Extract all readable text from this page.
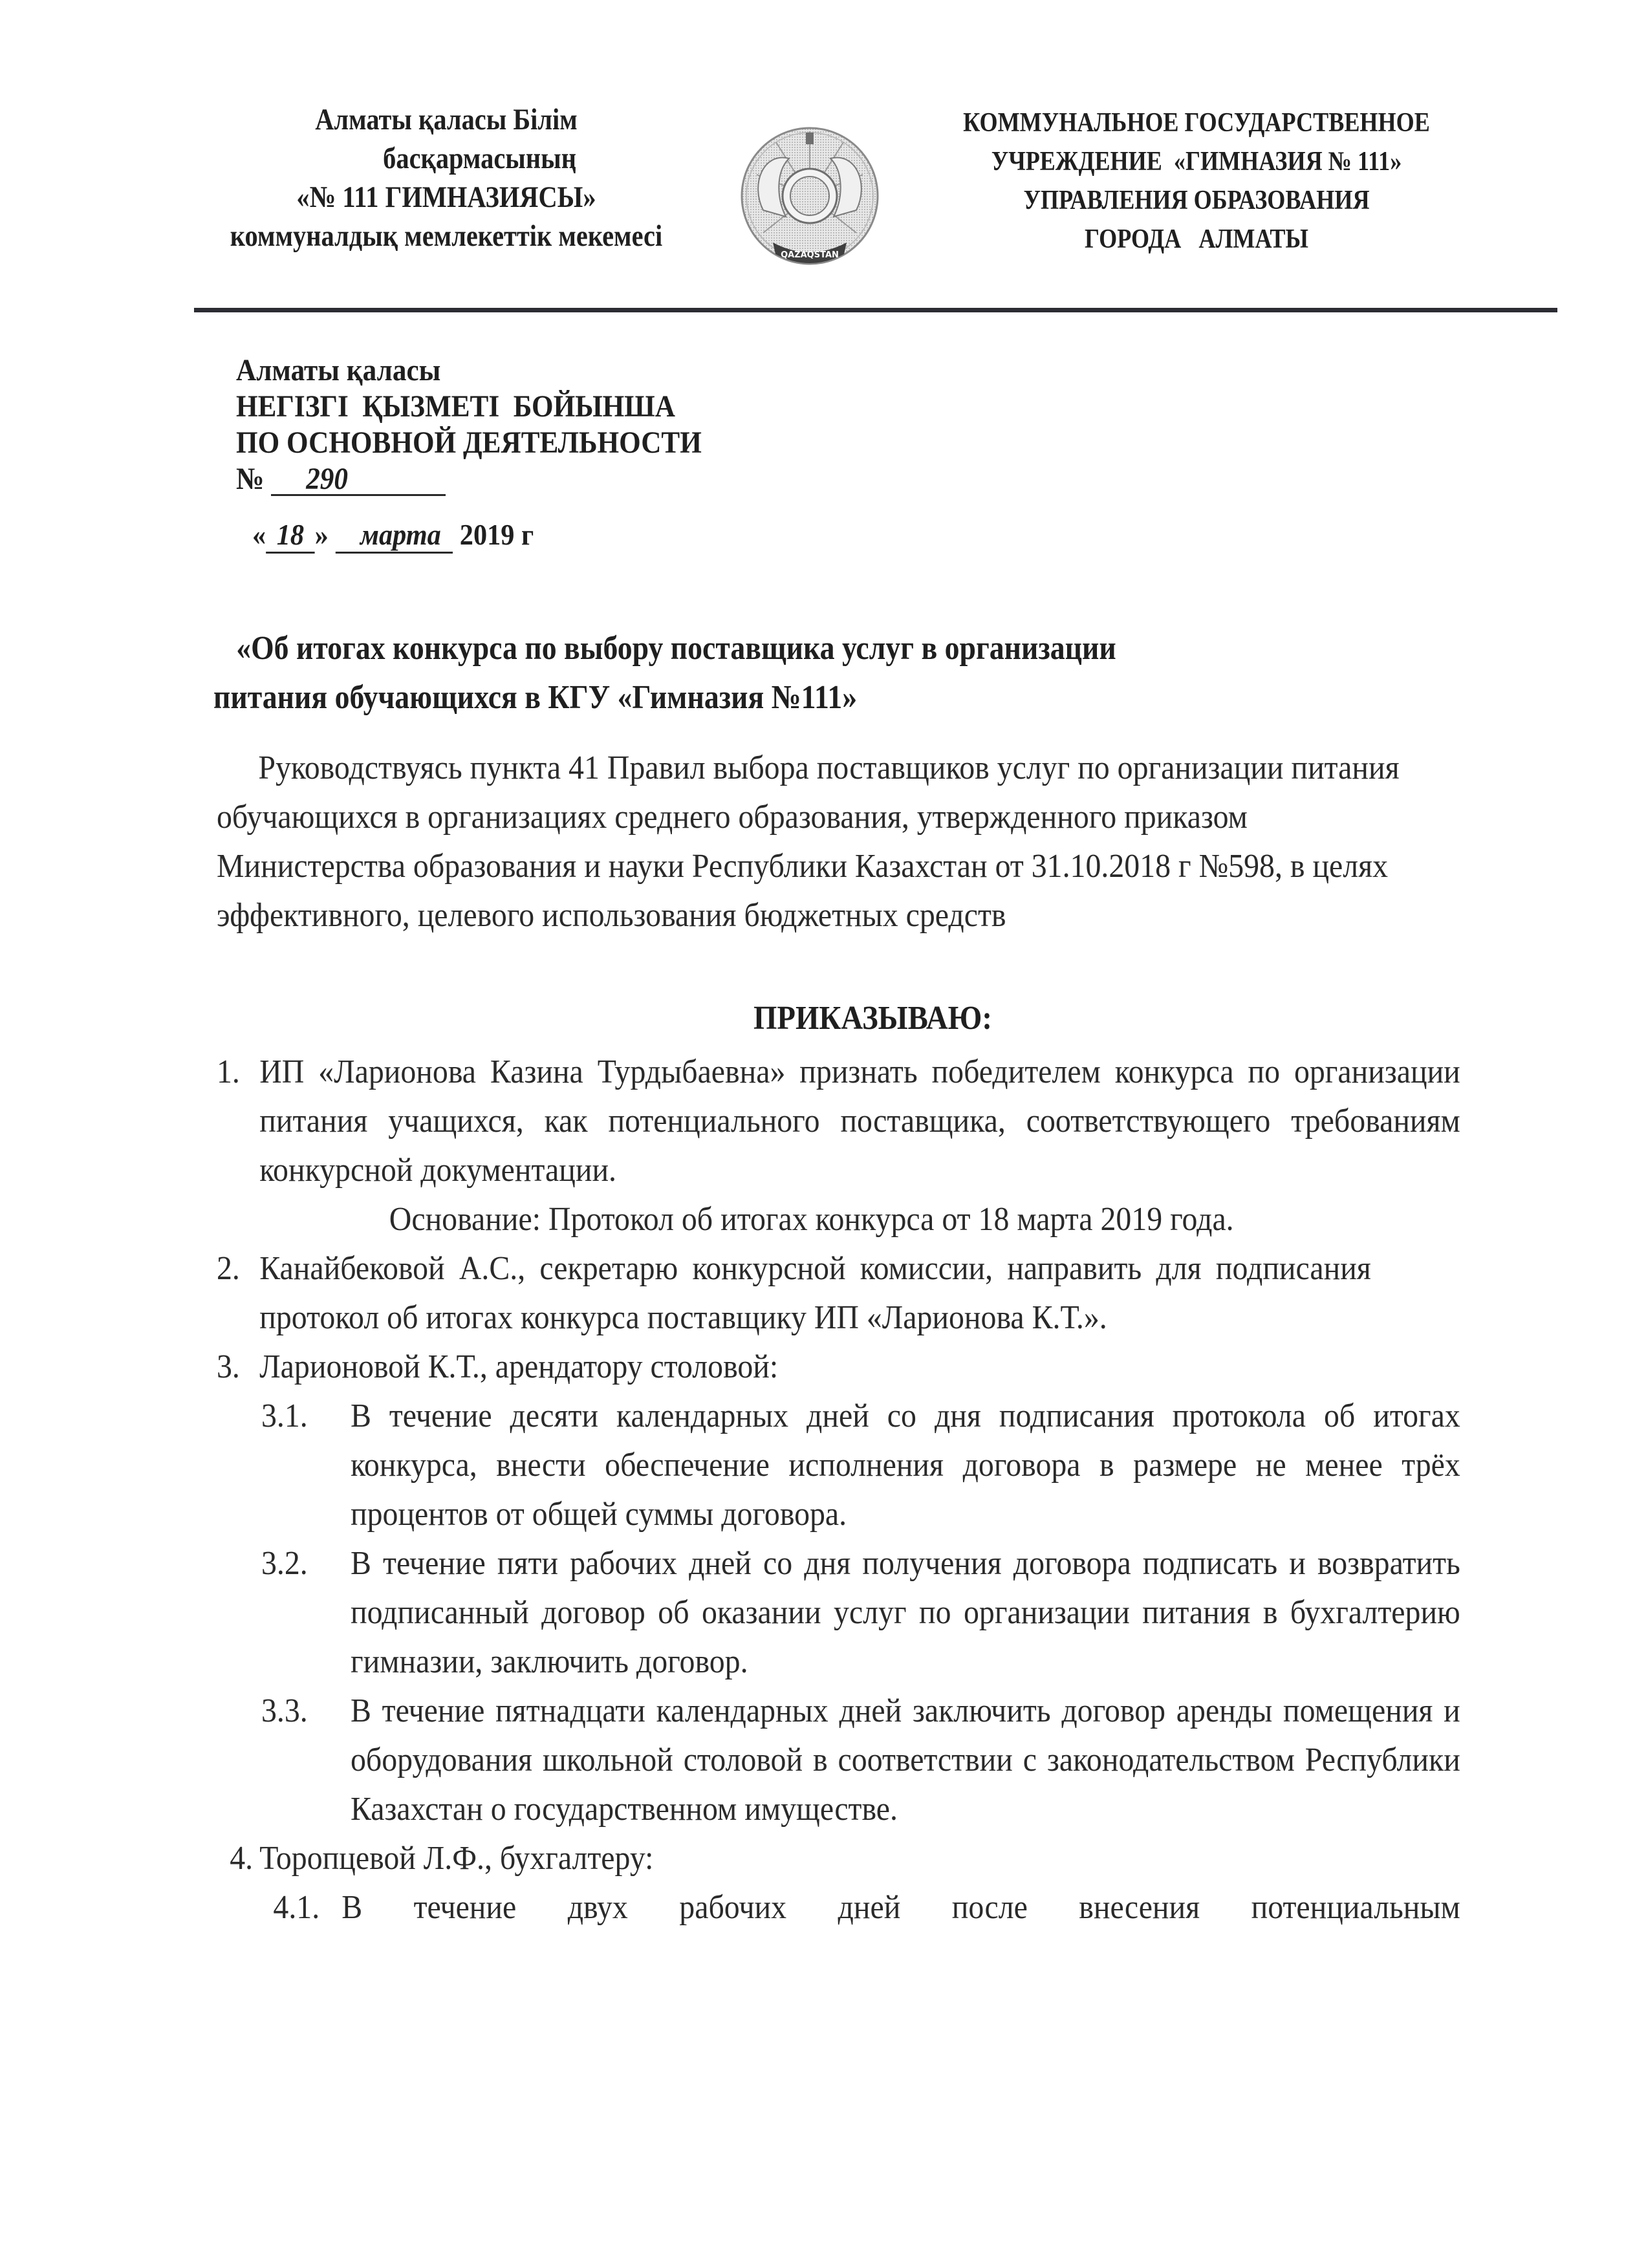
Алматы қаласы Білім
басқармасының
«№ 111 ГИМНАЗИЯСЫ»
коммуналдық мемлекеттік мекемесі
QAZAQSTAN
КОММУНАЛЬНОЕ ГОСУДАРСТВЕННОЕ
УЧРЕЖДЕНИЕ  «ГИМНАЗИЯ № 111»
УПРАВЛЕНИЯ ОБРАЗОВАНИЯ
ГОРОДА   АЛМАТЫ
Алматы қаласы
НЕГІЗГІ  ҚЫЗМЕТІ  БОЙЫНША
ПО ОСНОВНОЙ ДЕЯТЕЛЬНОСТИ
№ 290
« 18 » марта 2019 г
«Об итогах конкурса по выбору поставщика услуг в организации
питания обучающихся в КГУ «Гимназия №111»

Руководствуясь пункта 41 Правил выбора поставщиков услуг по организации питания обучающихся в организациях среднего образования, утвержденного приказом Министерства образования и науки Республики Казахстан от 31.10.2018 г №598, в целях эффективного, целевого использования бюджетных средств

ПРИКАЗЫВАЮ:
1. ИП «Ларионова Казина Турдыбаевна» признать победителем конкурса по организации питания учащихся, как потенциального поставщика, соответствующего требованиям конкурсной документации.

Основание: Протокол об итогах конкурса от 18 марта 2019 года.

2. Канайбековой А.С., секретарю конкурсной комиссии, направить для подписания протокол об итогах конкурса поставщику ИП «Ларионова К.Т.».
3. Ларионовой К.Т., арендатору столовой:
3.1.	В течение десяти календарных дней со дня подписания протокола об итогах конкурса, внести обеспечение исполнения договора в размере не менее трёх процентов от общей суммы договора.
3.2.	В течение пяти рабочих дней со дня получения договора подписать и возвратить подписанный договор об оказании услуг по организации питания в бухгалтерию гимназии, заключить договор.
3.3.	В течение пятнадцати календарных дней заключить договор аренды помещения и оборудования школьной столовой в соответствии с законодательством Республики Казахстан о государственном имуществе.
4. Торопцевой Л.Ф., бухгалтеру:
4.1. В течение двух рабочих дней после внесения потенциальным
